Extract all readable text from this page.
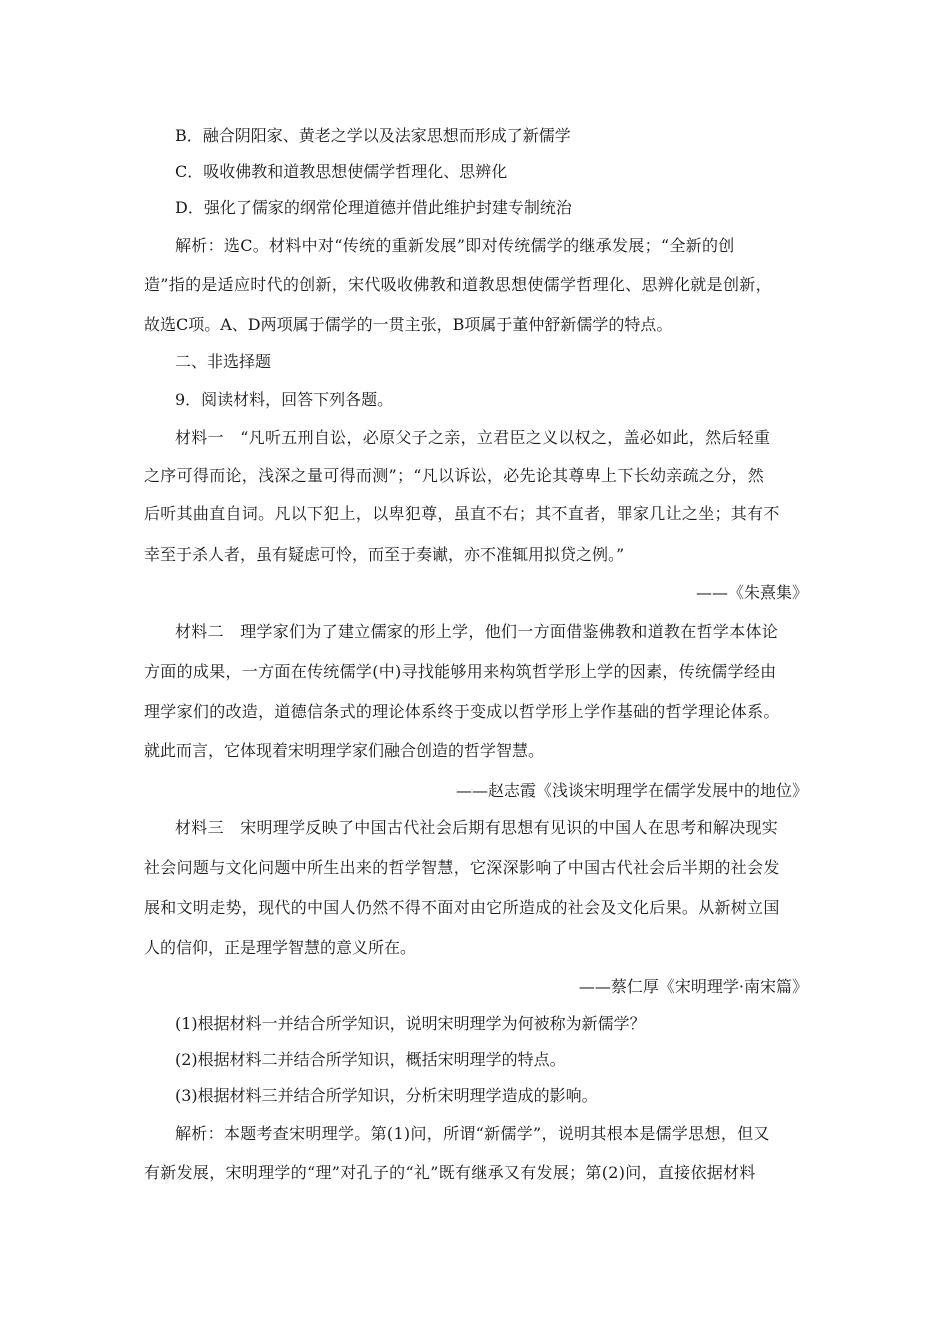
B．融合阴阳家、黄老之学以及法家思想而形成了新儒学
C．吸收佛教和道教思想使儒学哲理化、思辨化
D．强化了儒家的纲常伦理道德并借此维护封建专制统治
解析：选C。材料中对“传统的重新发展”即对传统儒学的继承发展；“全新的创
造”指的是适应时代的创新，宋代吸收佛教和道教思想使儒学哲理化、思辨化就是创新，
故选C项。A、D两项属于儒学的一贯主张，B项属于董仲舒新儒学的特点。
二、非选择题
9．阅读材料，回答下列各题。
材料一　“凡听五刑自讼，必原父子之亲，立君臣之义以权之，盖必如此，然后轻重
之序可得而论，浅深之量可得而测”；“凡以诉讼，必先论其尊卑上下长幼亲疏之分，然
后听其曲直自词。凡以下犯上，以卑犯尊，虽直不右；其不直者，罪家几让之坐；其有不
幸至于杀人者，虽有疑虑可怜，而至于奏谳，亦不准辄用拟贷之例。”
——《朱熹集》
材料二　理学家们为了建立儒家的形上学，他们一方面借鉴佛教和道教在哲学本体论
方面的成果，一方面在传统儒学(中)寻找能够用来构筑哲学形上学的因素，传统儒学经由
理学家们的改造，道德信条式的理论体系终于变成以哲学形上学作基础的哲学理论体系。
就此而言，它体现着宋明理学家们融合创造的哲学智慧。
——赵志霞《浅谈宋明理学在儒学发展中的地位》
材料三　宋明理学反映了中国古代社会后期有思想有见识的中国人在思考和解决现实
社会问题与文化问题中所生出来的哲学智慧，它深深影响了中国古代社会后半期的社会发
展和文明走势，现代的中国人仍然不得不面对由它所造成的社会及文化后果。从新树立国
人的信仰，正是理学智慧的意义所在。
——蔡仁厚《宋明理学·南宋篇》
(1)根据材料一并结合所学知识，说明宋明理学为何被称为新儒学？
(2)根据材料二并结合所学知识，概括宋明理学的特点。
(3)根据材料三并结合所学知识，分析宋明理学造成的影响。
解析：本题考查宋明理学。第(1)问，所谓“新儒学”，说明其根本是儒学思想，但又
有新发展，宋明理学的“理”对孔子的“礼”既有继承又有发展；第(2)问，直接依据材料
